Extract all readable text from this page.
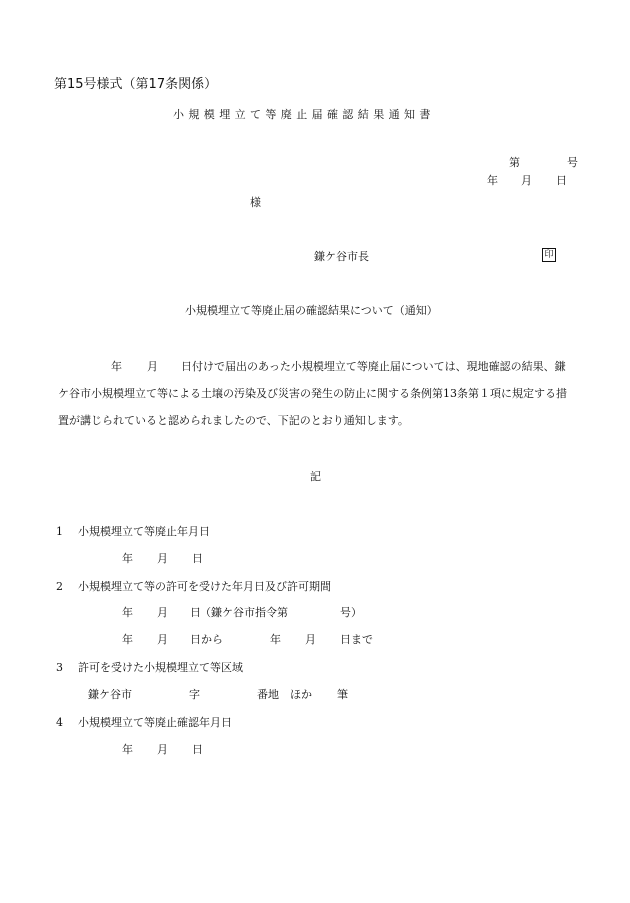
第15号様式（第17条関係）
小規模埋立て等廃止届確認結果通知書
第	号
年 月 日
様
鎌ケ谷市長	印
小規模埋立て等廃止届の確認結果について（通知）
年 月 日付けで届出のあった小規模埋立て等廃止届については、現地確認の結果、鎌
ケ谷市小規模埋立て等による土壌の汚染及び災害の発生の防止に関する条例第13条第１項に規定する措
置が講じられていると認められましたので、下記のとおり通知します。
記
1 小規模埋立て等廃止年月日
年 月 日
2 小規模埋立て等の許可を受けた年月日及び許可期間
年 月 日 （鎌ケ谷市指令第	号）
年 月 日から	年 月 日まで
3 許可を受けた小規模埋立て等区域
鎌ケ谷市	字	番地　ほか 筆
4 小規模埋立て等廃止確認年月日
年 月 日
